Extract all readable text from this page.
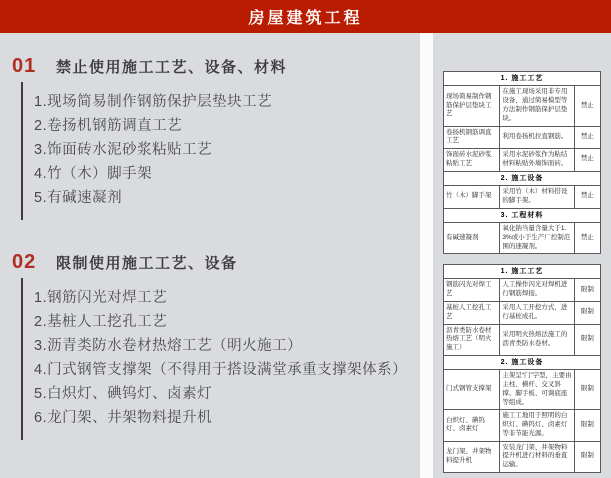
房屋建筑工程
01	禁止使用施工工艺、设备、材料
1.现场简易制作钢筋保护层垫块工艺
2.卷扬机钢筋调直工艺
3.饰面砖水泥砂浆粘贴工艺
4.竹（木）脚手架
5.有碱速凝剂
02	限制使用施工工艺、设备
1.钢筋闪光对焊工艺
2.基桩人工挖孔工艺
3.沥青类防水卷材热熔工艺（明火施工）
4.门式钢管支撑架（不得用于搭设满堂承重支撑架体系）
5.白炽灯、碘钨灯、卤素灯
6.龙门架、井架物料提升机
1. 施工工艺		
现场简易制作钢筋保护层垫块工艺	在施工现场采用非专用设备，通过简易模型等方法制作钢筋保护层垫块。	禁止
卷扬机钢筋调直工艺	利用卷扬机拉直钢筋。	禁止
饰面砖水泥砂浆粘贴工艺	采用水泥砂浆作为粘结材料粘贴外墙饰面砖。	禁止
2. 施工设备		
竹（木）脚手架	采用竹（木）材料搭设的脚手架。	禁止
3. 工程材料		
有碱速凝剂	氧化钠当量含量大于1.3%或小于生产厂控制范围的速凝剂。	禁止
1. 施工工艺		
钢筋闪光对焊工艺	人工操作闪光对焊机进行钢筋焊接。	限制
基桩人工挖孔工艺	采用人工开挖方式，进行基桩成孔。	限制
沥青类防水卷材热熔工艺（明火施工）	采用明火热熔法施工的沥青类防水卷材。	限制
2. 施工设备		
门式钢管支撑架	主架呈“门”字型，主要由主柱、横杆、交叉斜撑、脚手板、可调底座等组成。	限制
白炽灯、碘钨灯、卤素灯	施工工地用于照明的白炽灯、碘钨灯、卤素灯等非节能光源。	限制
龙门架、井架物料提升机	安装龙门架、井架物料提升机进行材料的垂直运输。	限制
